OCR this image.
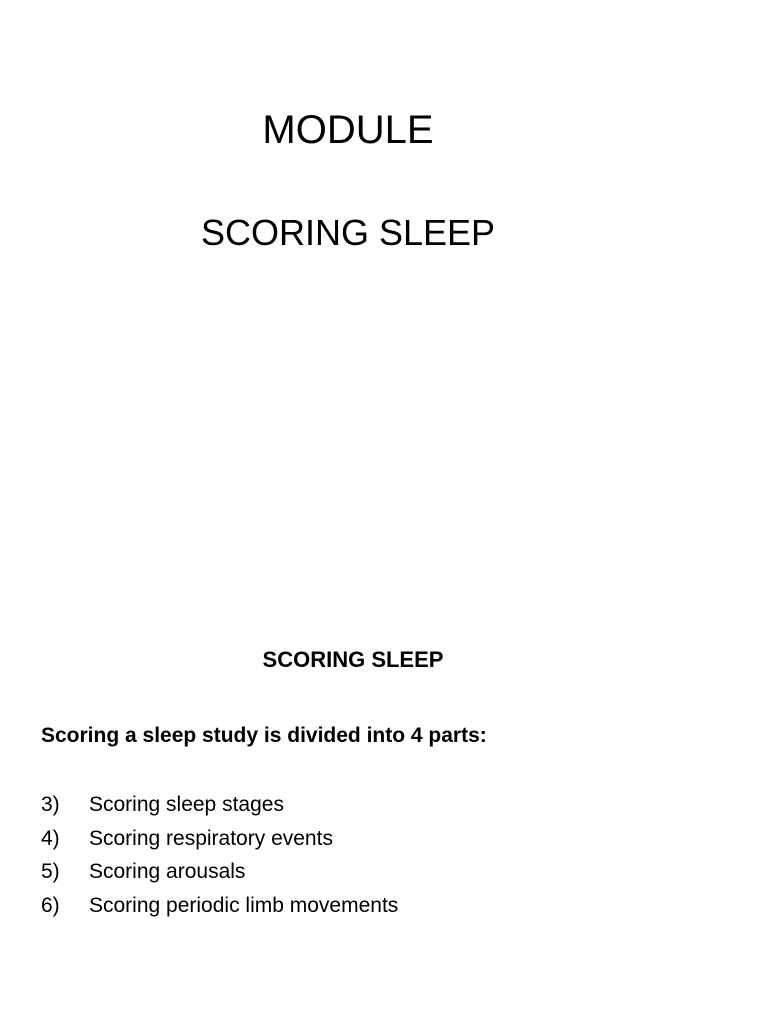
MODULE
SCORING SLEEP
SCORING SLEEP

Scoring a sleep study is divided into 4 parts:

3)	Scoring sleep stages
4)	Scoring respiratory events
5)	Scoring arousals
6)	Scoring periodic limb movements
